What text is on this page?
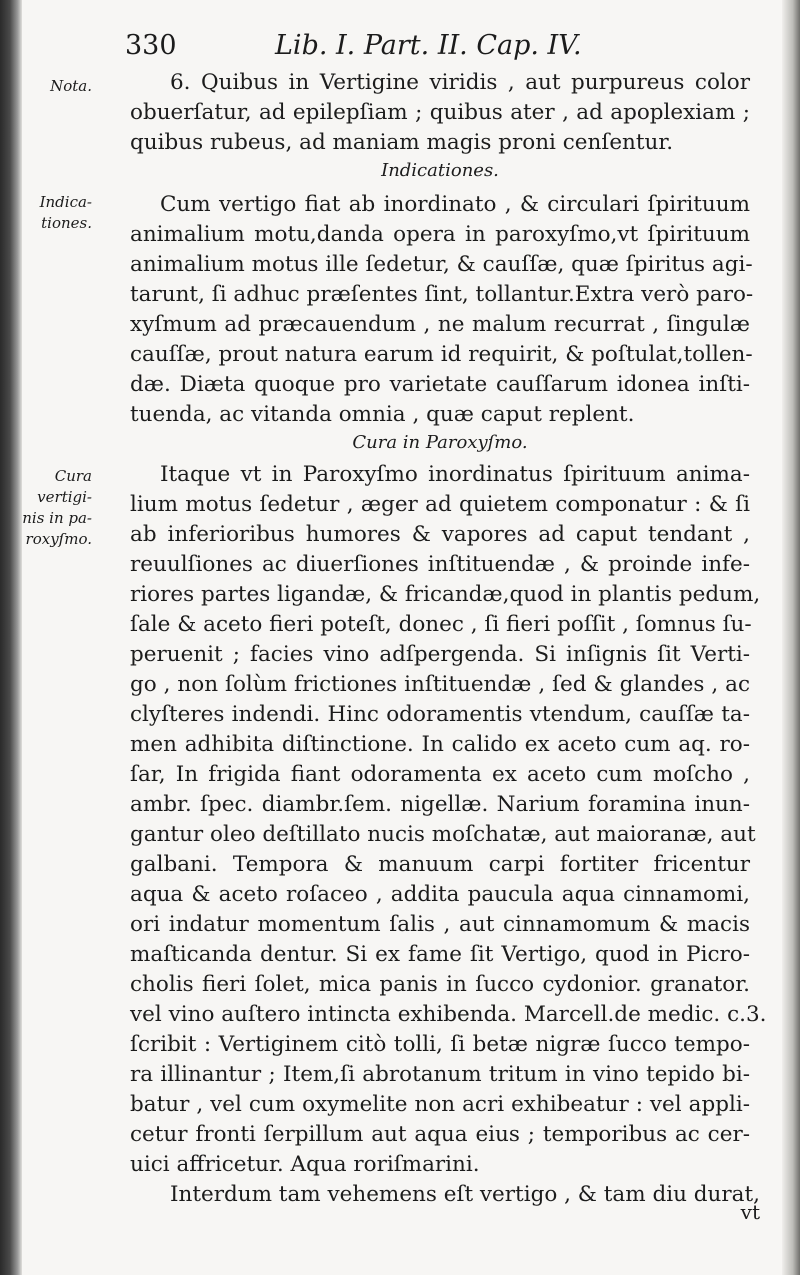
330	Lib. I. Part. II. Cap. IV.
Nota.
Indica-
tiones.
Cura
vertigi-
nis in pa-
roxyſmo.
6. Quibus in Vertigine viridis , aut purpureus color
obuerſatur, ad epilepſiam ; quibus ater , ad apoplexiam ;
quibus rubeus, ad maniam magis proni cenſentur.
Indicationes.
Cum vertigo fiat ab inordinato , & circulari ſpirituum
animalium motu,danda opera in paroxyſmo,vt ſpirituum
animalium motus ille ſedetur, & cauſſæ, quæ ſpiritus agi-
tarunt, ſi adhuc præſentes ſint, tollantur.Extra verò paro-
xyſmum ad præcauendum , ne malum recurrat , ſingulæ
cauſſæ, prout natura earum id requirit, & poſtulat,tollen-
dæ. Diæta quoque pro varietate cauſſarum idonea inſti-
tuenda, ac vitanda omnia , quæ caput replent.
Cura in Paroxyſmo.
Itaque vt in Paroxyſmo inordinatus ſpirituum anima-
lium motus ſedetur , æger ad quietem componatur : & ſi
ab inferioribus humores & vapores ad caput tendant ,
reuulſiones ac diuerſiones inſtituendæ , & proinde infe-
riores partes ligandæ, & fricandæ,quod in plantis pedum,
ſale & aceto fieri poteſt, donec , ſi fieri poſſit , ſomnus ſu-
peruenit ; facies vino adſpergenda. Si inſignis ſit Verti-
go , non ſolùm frictiones inſtituendæ , ſed & glandes , ac
clyſteres indendi. Hinc odoramentis vtendum, cauſſæ ta-
men adhibita diſtinctione. In calido ex aceto cum aq. ro-
ſar, In frigida fiant odoramenta ex aceto cum moſcho ,
ambr. ſpec. diambr.ſem. nigellæ. Narium foramina inun-
gantur oleo deſtillato nucis moſchatæ, aut maioranæ, aut
galbani. Tempora & manuum carpi fortiter fricentur
aqua & aceto roſaceo , addita paucula aqua cinnamomi,
ori indatur momentum ſalis , aut cinnamomum & macis
maſticanda dentur. Si ex fame ſit Vertigo, quod in Picro-
cholis fieri ſolet, mica panis in ſucco cydonior. granator.
vel vino auſtero intincta exhibenda. Marcell.de medic. c.3.
ſcribit : Vertiginem citò tolli, ſi betæ nigræ ſucco tempo-
ra illinantur ; Item,ſi abrotanum tritum in vino tepido bi-
batur , vel cum oxymelite non acri exhibeatur : vel appli-
cetur fronti ſerpillum aut aqua eius ; temporibus ac cer-
uici affricetur. Aqua roriſmarini.
Interdum tam vehemens eſt vertigo , & tam diu durat,
vt
